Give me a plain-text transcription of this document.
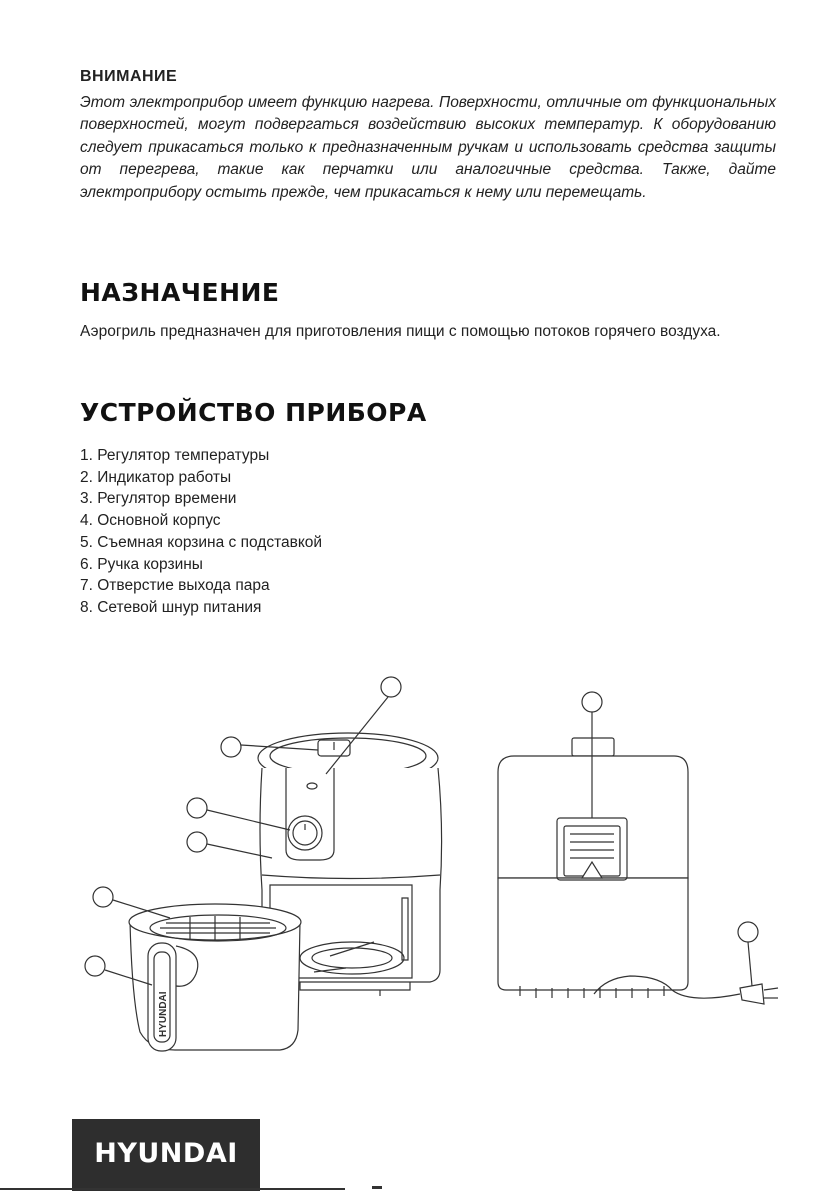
ВНИМАНИЕ
Этот электроприбор имеет функцию нагрева. Поверхности, отличные от функциональных поверхностей, могут подвергаться воздействию высоких температур. К оборудованию следует прикасаться только к предназначенным ручкам и использовать средства защиты от перегрева, такие как перчатки или аналогичные средства. Также, дайте электроприбору остыть прежде, чем прикасаться к нему или перемещать.
НАЗНАЧЕНИЕ
Аэрогриль предназначен для приготовления пищи с помощью потоков горячего воздуха.
УСТРОЙСТВО ПРИБОРА
1. Регулятор температуры
2. Индикатор работы
3. Регулятор времени
4. Основной корпус
5. Съемная корзина с подставкой
6. Ручка корзины
7. Отверстие выхода пара
8. Сетевой шнур питания
HYUNDAI
HYUNDAI
